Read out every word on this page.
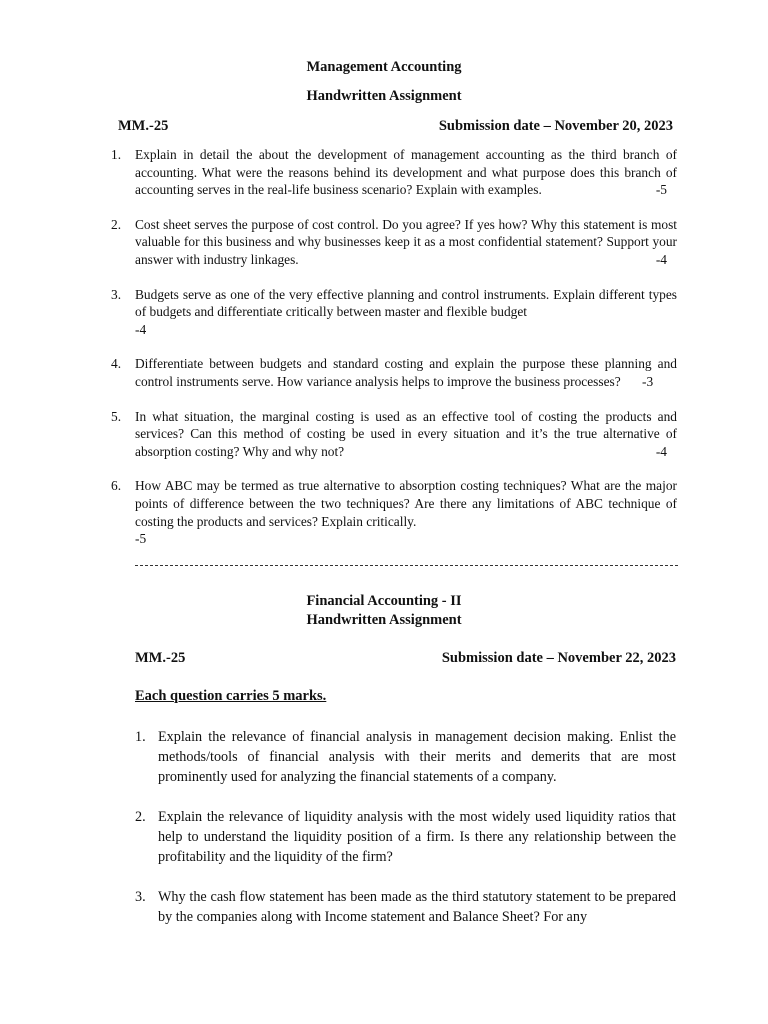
Management Accounting
Handwritten Assignment
MM.-25	Submission date – November 20, 2023
1. Explain in detail the about the development of management accounting as the third branch of accounting. What were the reasons behind its development and what purpose does this branch of accounting serves in the real-life business scenario? Explain with examples.	-5
2. Cost sheet serves the purpose of cost control. Do you agree? If yes how? Why this statement is most valuable for this business and why businesses keep it as a most confidential statement? Support your answer with industry linkages.	-4
3. Budgets serve as one of the very effective planning and control instruments. Explain different types of budgets and differentiate critically between master and flexible budget
-4
4. Differentiate between budgets and standard costing and explain the purpose these planning and control instruments serve. How variance analysis helps to improve the business processes? -3
5. In what situation, the marginal costing is used as an effective tool of costing the products and services? Can this method of costing be used in every situation and it’s the true alternative of absorption costing? Why and why not?	-4
6. How ABC may be termed as true alternative to absorption costing techniques? What are the major points of difference between the two techniques? Are there any limitations of ABC technique of costing the products and services? Explain critically.
-5
Financial Accounting - II
Handwritten Assignment
MM.-25	Submission date – November 22, 2023
Each question carries 5 marks.
1. Explain the relevance of financial analysis in management decision making. Enlist the methods/tools of financial analysis with their merits and demerits that are most prominently used for analyzing the financial statements of a company.
2. Explain the relevance of liquidity analysis with the most widely used liquidity ratios that help to understand the liquidity position of a firm. Is there any relationship between the profitability and the liquidity of the firm?
3. Why the cash flow statement has been made as the third statutory statement to be prepared by the companies along with Income statement and Balance Sheet? For any
